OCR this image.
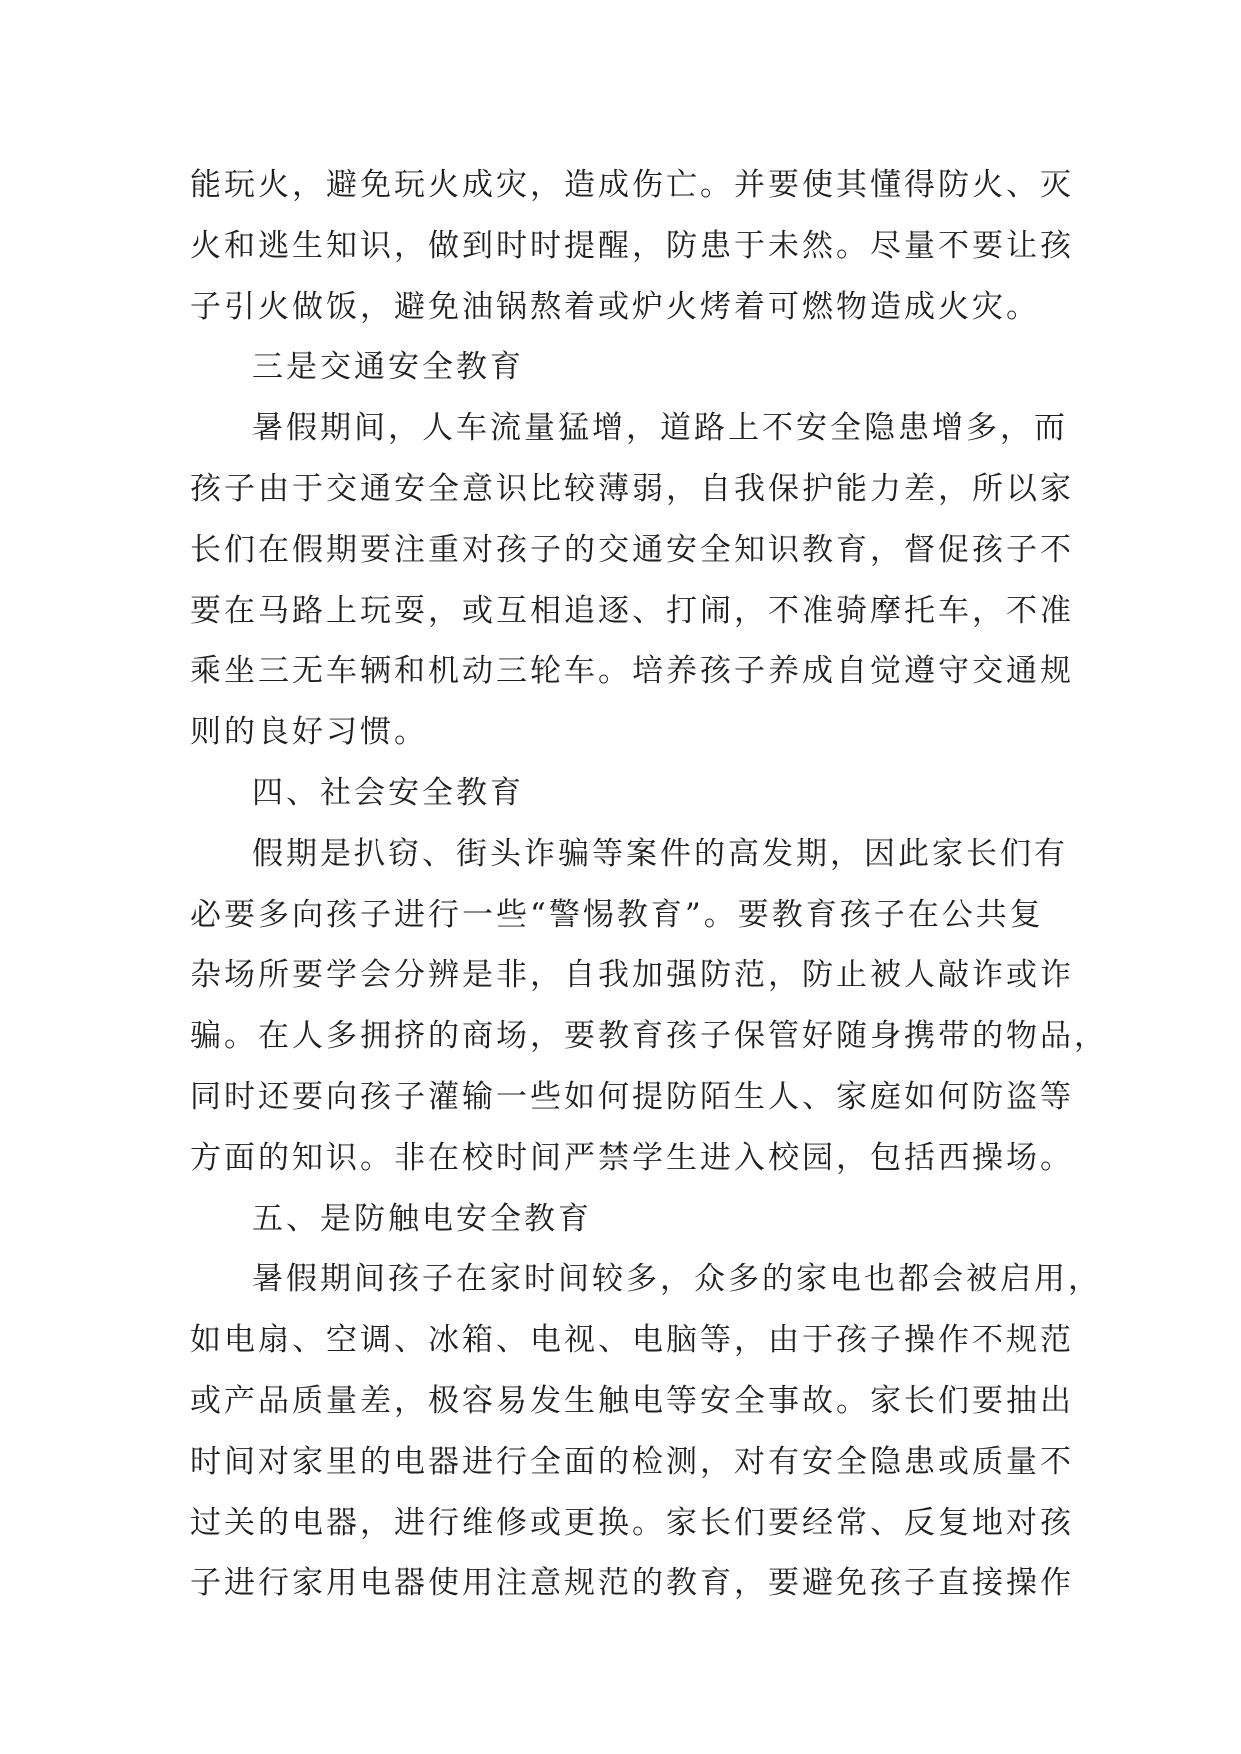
能玩火，避免玩火成灾，造成伤亡。并要使其懂得防火、灭
火和逃生知识，做到时时提醒，防患于未然。尽量不要让孩
子引火做饭，避免油锅熬着或炉火烤着可燃物造成火灾。
三是交通安全教育
暑假期间，人车流量猛增，道路上不安全隐患增多，而
孩子由于交通安全意识比较薄弱，自我保护能力差，所以家
长们在假期要注重对孩子的交通安全知识教育，督促孩子不
要在马路上玩耍，或互相追逐、打闹，不准骑摩托车，不准
乘坐三无车辆和机动三轮车。培养孩子养成自觉遵守交通规
则的良好习惯。
四、社会安全教育
假期是扒窃、街头诈骗等案件的高发期，因此家长们有
必要多向孩子进行一些“警惕教育”。要教育孩子在公共复
杂场所要学会分辨是非，自我加强防范，防止被人敲诈或诈
骗。在人多拥挤的商场，要教育孩子保管好随身携带的物品，
同时还要向孩子灌输一些如何提防陌生人、家庭如何防盗等
方面的知识。非在校时间严禁学生进入校园，包括西操场。
五、是防触电安全教育
暑假期间孩子在家时间较多，众多的家电也都会被启用，
如电扇、空调、冰箱、电视、电脑等，由于孩子操作不规范
或产品质量差，极容易发生触电等安全事故。家长们要抽出
时间对家里的电器进行全面的检测，对有安全隐患或质量不
过关的电器，进行维修或更换。家长们要经常、反复地对孩
子进行家用电器使用注意规范的教育，要避免孩子直接操作
